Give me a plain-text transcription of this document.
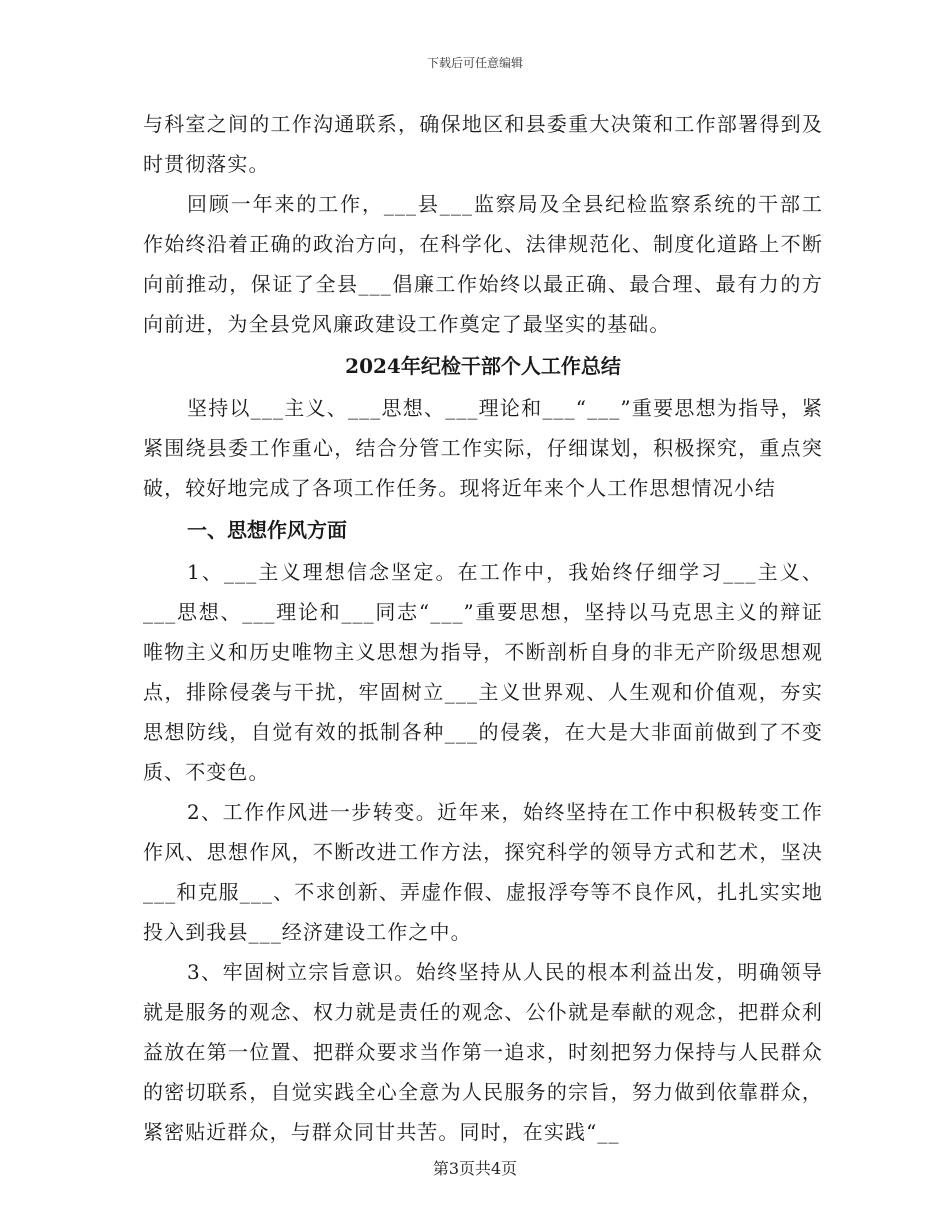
下载后可任意编辑

与科室之间的工作沟通联系，确保地区和县委重大决策和工作部署得到及时贯彻落实。

回顾一年来的工作，___县___监察局及全县纪检监察系统的干部工作始终沿着正确的政治方向，在科学化、法律规范化、制度化道路上不断向前推动，保证了全县___倡廉工作始终以最正确、最合理、最有力的方向前进，为全县党风廉政建设工作奠定了最坚实的基础。

2024年纪检干部个人工作总结

坚持以___主义、___思想、___理论和___“___”重要思想为指导，紧紧围绕县委工作重心，结合分管工作实际，仔细谋划，积极探究，重点突破，较好地完成了各项工作任务。现将近年来个人工作思想情况小结

一、思想作风方面

1、___主义理想信念坚定。在工作中，我始终仔细学习___主义、___思想、___理论和___同志“___”重要思想，坚持以马克思主义的辩证唯物主义和历史唯物主义思想为指导，不断剖析自身的非无产阶级思想观点，排除侵袭与干扰，牢固树立___主义世界观、人生观和价值观，夯实思想防线，自觉有效的抵制各种___的侵袭，在大是大非面前做到了不变质、不变色。

2、工作作风进一步转变。近年来，始终坚持在工作中积极转变工作作风、思想作风，不断改进工作方法，探究科学的领导方式和艺术，坚决___和克服___、不求创新、弄虚作假、虚报浮夸等不良作风，扎扎实实地投入到我县___经济建设工作之中。

3、牢固树立宗旨意识。始终坚持从人民的根本利益出发，明确领导就是服务的观念、权力就是责任的观念、公仆就是奉献的观念，把群众利益放在第一位置、把群众要求当作第一追求，时刻把努力保持与人民群众的密切联系，自觉实践全心全意为人民服务的宗旨，努力做到依靠群众，紧密贴近群众，与群众同甘共苦。同时，在实践“__

第3页共4页
